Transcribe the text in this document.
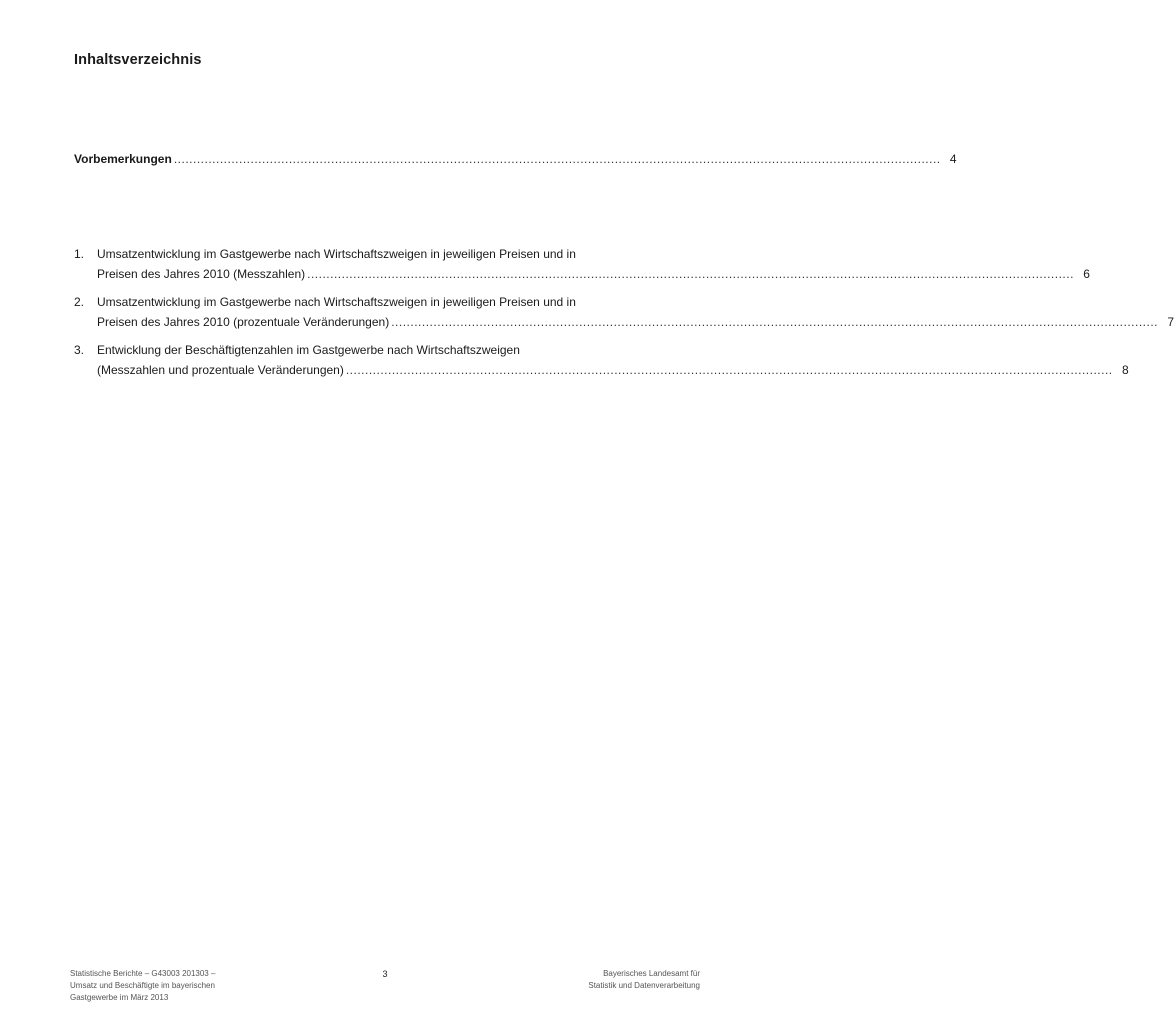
Inhaltsverzeichnis
Vorbemerkungen ........................................................................................................................................................................................................ 4
1. Umsatzentwicklung im Gastgewerbe nach Wirtschaftszweigen in jeweiligen Preisen und in
Preisen des Jahres 2010 (Messzahlen) ........................................................................................................................................................................................................ 6
2. Umsatzentwicklung im Gastgewerbe nach Wirtschaftszweigen in jeweiligen Preisen und in
Preisen des Jahres 2010 (prozentuale Veränderungen) ........................................................................................................................................................................................................ 7
3. Entwicklung der Beschäftigtenzahlen im Gastgewerbe nach Wirtschaftszweigen
(Messzahlen und prozentuale Veränderungen) ........................................................................................................................................................................................................ 8
Statistische Berichte – G43003 201303 –
Umsatz und Beschäftigte im bayerischen
Gastgewerbe im März 2013
3	Bayerisches Landesamt für
Statistik und Datenverarbeitung
